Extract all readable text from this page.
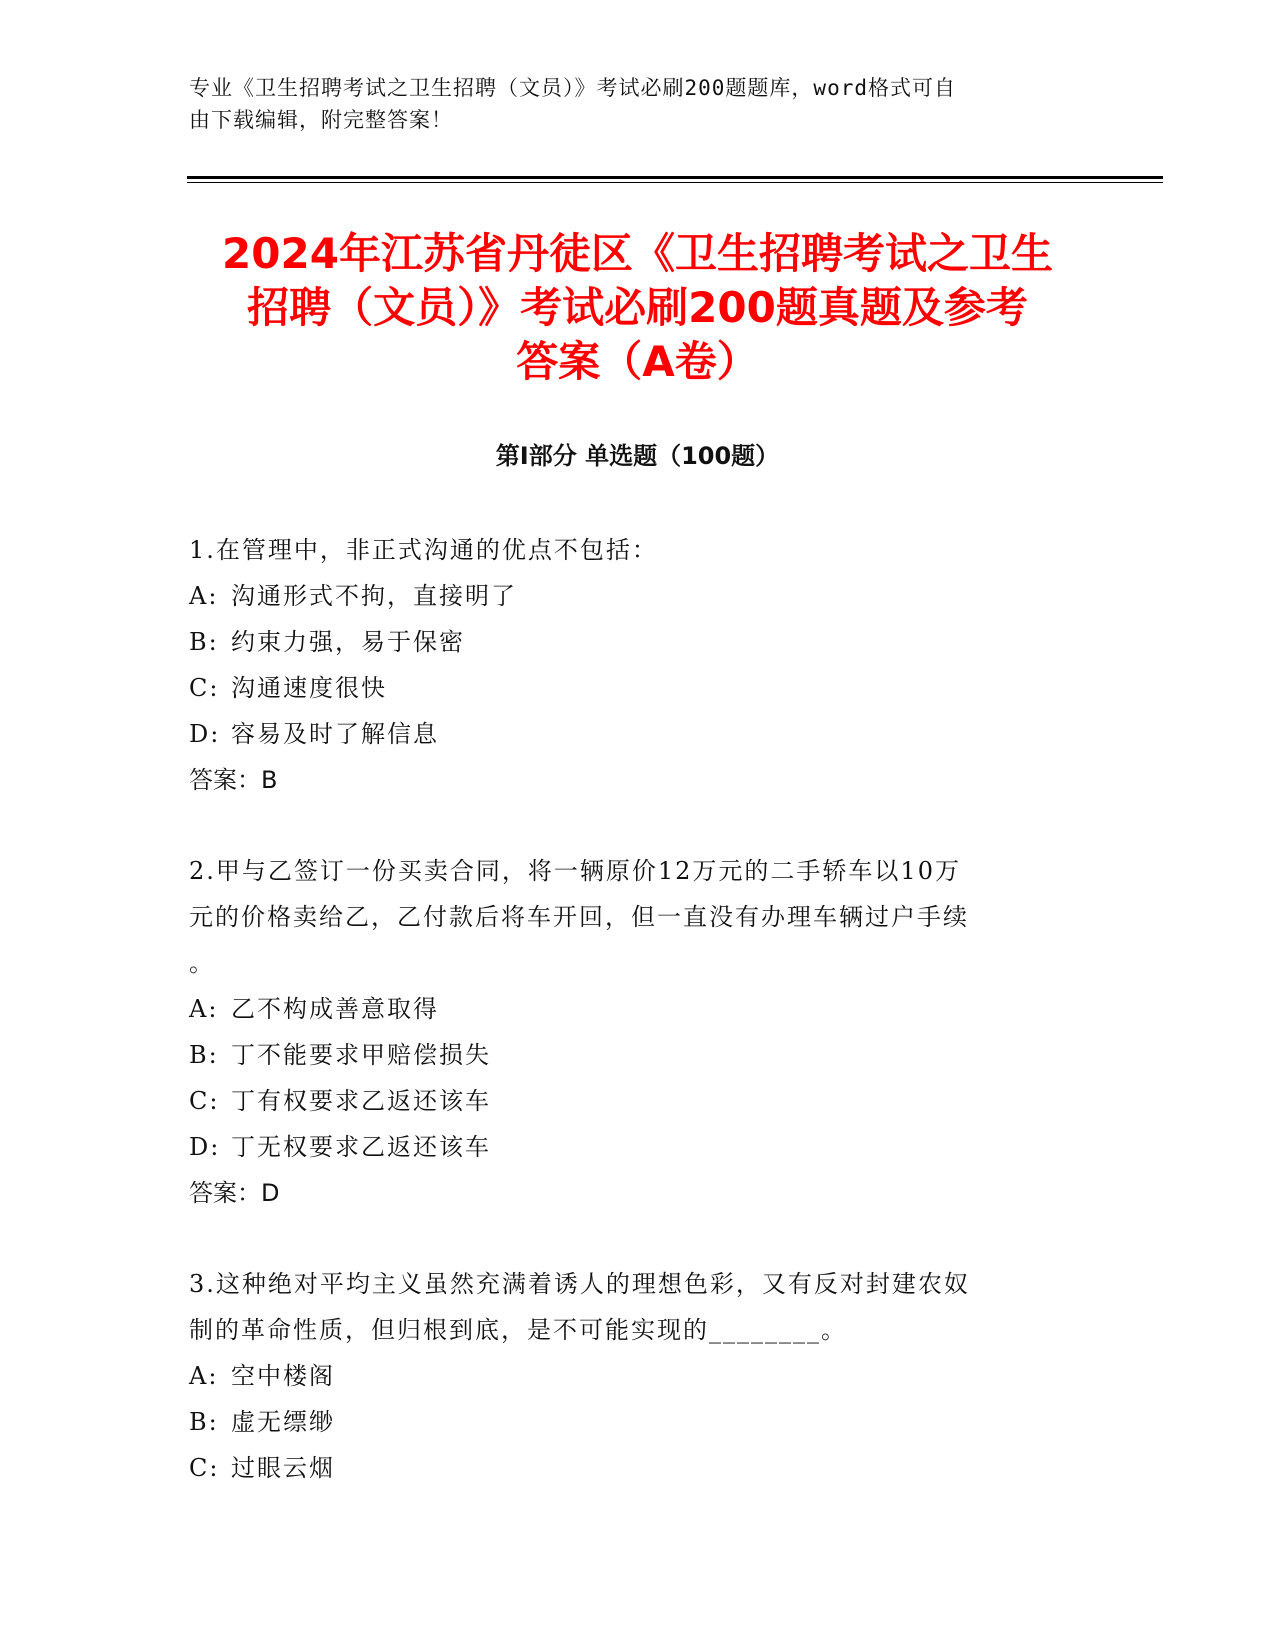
专业《卫生招聘考试之卫生招聘（文员）》考试必刷200题题库，word格式可自
由下载编辑，附完整答案！
2024年江苏省丹徒区《卫生招聘考试之卫生
招聘（文员）》考试必刷200题真题及参考
答案（A卷）
第Ⅰ部分 单选题（100题）
1.在管理中，非正式沟通的优点不包括：
A: 沟通形式不拘，直接明了
B: 约束力强，易于保密
C: 沟通速度很快
D: 容易及时了解信息
答案：B
2.甲与乙签订一份买卖合同，将一辆原价12万元的二手轿车以10万
元的价格卖给乙，乙付款后将车开回，但一直没有办理车辆过户手续
。
A: 乙不构成善意取得
B: 丁不能要求甲赔偿损失
C: 丁有权要求乙返还该车
D: 丁无权要求乙返还该车
答案：D
3.这种绝对平均主义虽然充满着诱人的理想色彩，又有反对封建农奴
制的革命性质，但归根到底，是不可能实现的________。
A: 空中楼阁
B: 虚无缥缈
C: 过眼云烟
